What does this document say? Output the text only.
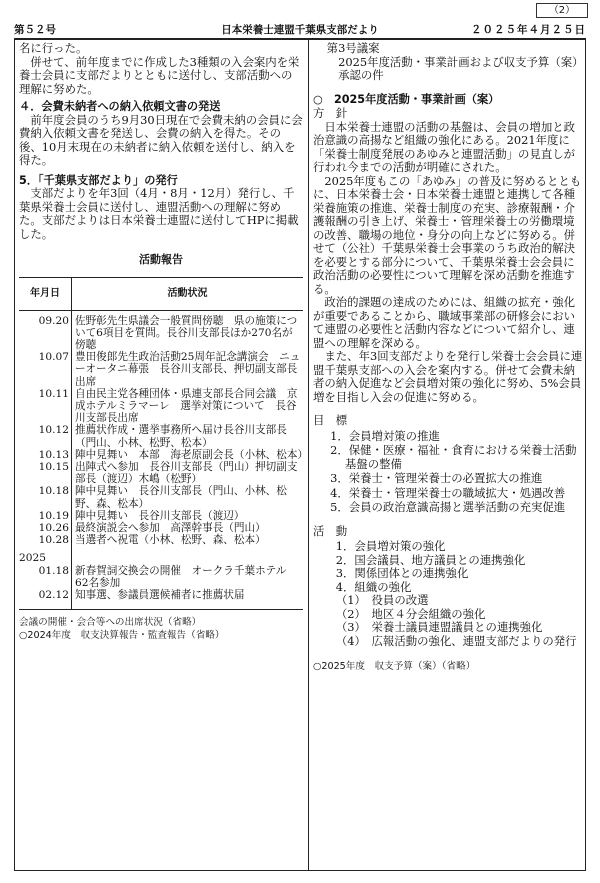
（2）
第５２号	日本栄養士連盟千葉県支部だより	２０２５年４月２５日

名に行った。

併せて、前年度までに作成した3種類の入会案内を栄養士会員に支部だよりとともに送付し、支部活動への理解に努めた。

４．会費未納者への納入依頼文書の発送

前年度会員のうち9月30日現在で会費未納の会員に会費納入依頼文書を発送し、会費の納入を得た。その後、10月末現在の未納者に納入依頼を送付し、納入を得た。

5．「千葉県支部だより」の発行

支部だよりを年3回（4月・8月・12月）発行し、千葉県栄養士会員に送付し、連盟活動への理解に努めた。支部だよりは日本栄養士連盟に送付してHPに掲載した。

活動報告
年月日	活動状況
09.20	佐野彰先生県議会一般質問傍聴　県の施策について6項目を質問。長谷川支部長ほか270名が傍聴
10.07	豊田俊郎先生政治活動25周年記念講演会　ニューオータニ幕張　長谷川支部長、押切副支部長出席
10.11	自由民主党各種団体・県連支部長合同会議　京成ホテルミラマーレ　選挙対策について　長谷川支部長出席
10.12	推薦状作成・選挙事務所へ届け長谷川支部長（門山、小林、松野、松本）
10.13	陣中見舞い　本部　海老原副会長（小林、松本）
10.15	出陣式へ参加　長谷川支部長（門山）押切副支部長（渡辺）木嶋（松野）
10.18	陣中見舞い　長谷川支部長（門山、小林、松野、森、松本）
10.19	陣中見舞い　長谷川支部長（渡辺）
10.26	最終演説会へ参加　高澤幹事長（門山）
10.28	当選者へ祝電（小林、松野、森、松本）
2025	
01.18	新春賀詞交換会の開催　オークラ千葉ホテル　62名参加
02.12	知事選、参議員選候補者に推薦状届

会議の開催・会合等への出席状況（省略）

○2024年度　収支決算報告・監査報告（省略）

第3号議案

2025年度活動・事業計画および収支予算（案）承認の件

○　2025年度活動・事業計画（案）

方　針

日本栄養士連盟の活動の基盤は、会員の増加と政治意識の高揚など組織の強化にある。2021年度に「栄養士制度発展のあゆみと連盟活動」の見直しが行われ今までの活動が明確にされた。

2025年度もこの「あゆみ」の普及に努めるとともに、日本栄養士会・日本栄養士連盟と連携して各種栄養施策の推進、栄養士制度の充実、診療報酬・介護報酬の引き上げ、栄養士・管理栄養士の労働環境の改善、職場の地位・身分の向上などに努める。併せて（公社）千葉県栄養士会事業のうち政治的解決を必要とする部分について、千葉県栄養士会会員に政治活動の必要性について理解を深め活動を推進する。

政治的課題の達成のためには、組織の拡充・強化が重要であることから、職域事業部の研修会において連盟の必要性と活動内容などについて紹介し、連盟への理解を深める。

また、年3回支部だよりを発行し栄養士会会員に連盟千葉県支部への入会を案内する。併せて会費未納者の納入促進など会員増対策の強化に努め、5%会員増を目指し入会の促進に努める。

目　標

1．会員増対策の推進
2．保健・医療・福祉・食育における栄養士活動基盤の整備
3．栄養士・管理栄養士の必置拡大の推進
4．栄養士・管理栄養士の職域拡大・処遇改善
5．会員の政治意識高揚と選挙活動の充実促進

活　動

1．会員増対策の強化
2．国会議員、地方議員との連携強化
3．関係団体との連携強化
4．組織の強化
（1）　役員の改選
（2）　地区４分会組織の強化
（3）　栄養士議員連盟議員との連携強化
（4）　広報活動の強化、連盟支部だよりの発行

○2025年度　収支予算（案）（省略）
